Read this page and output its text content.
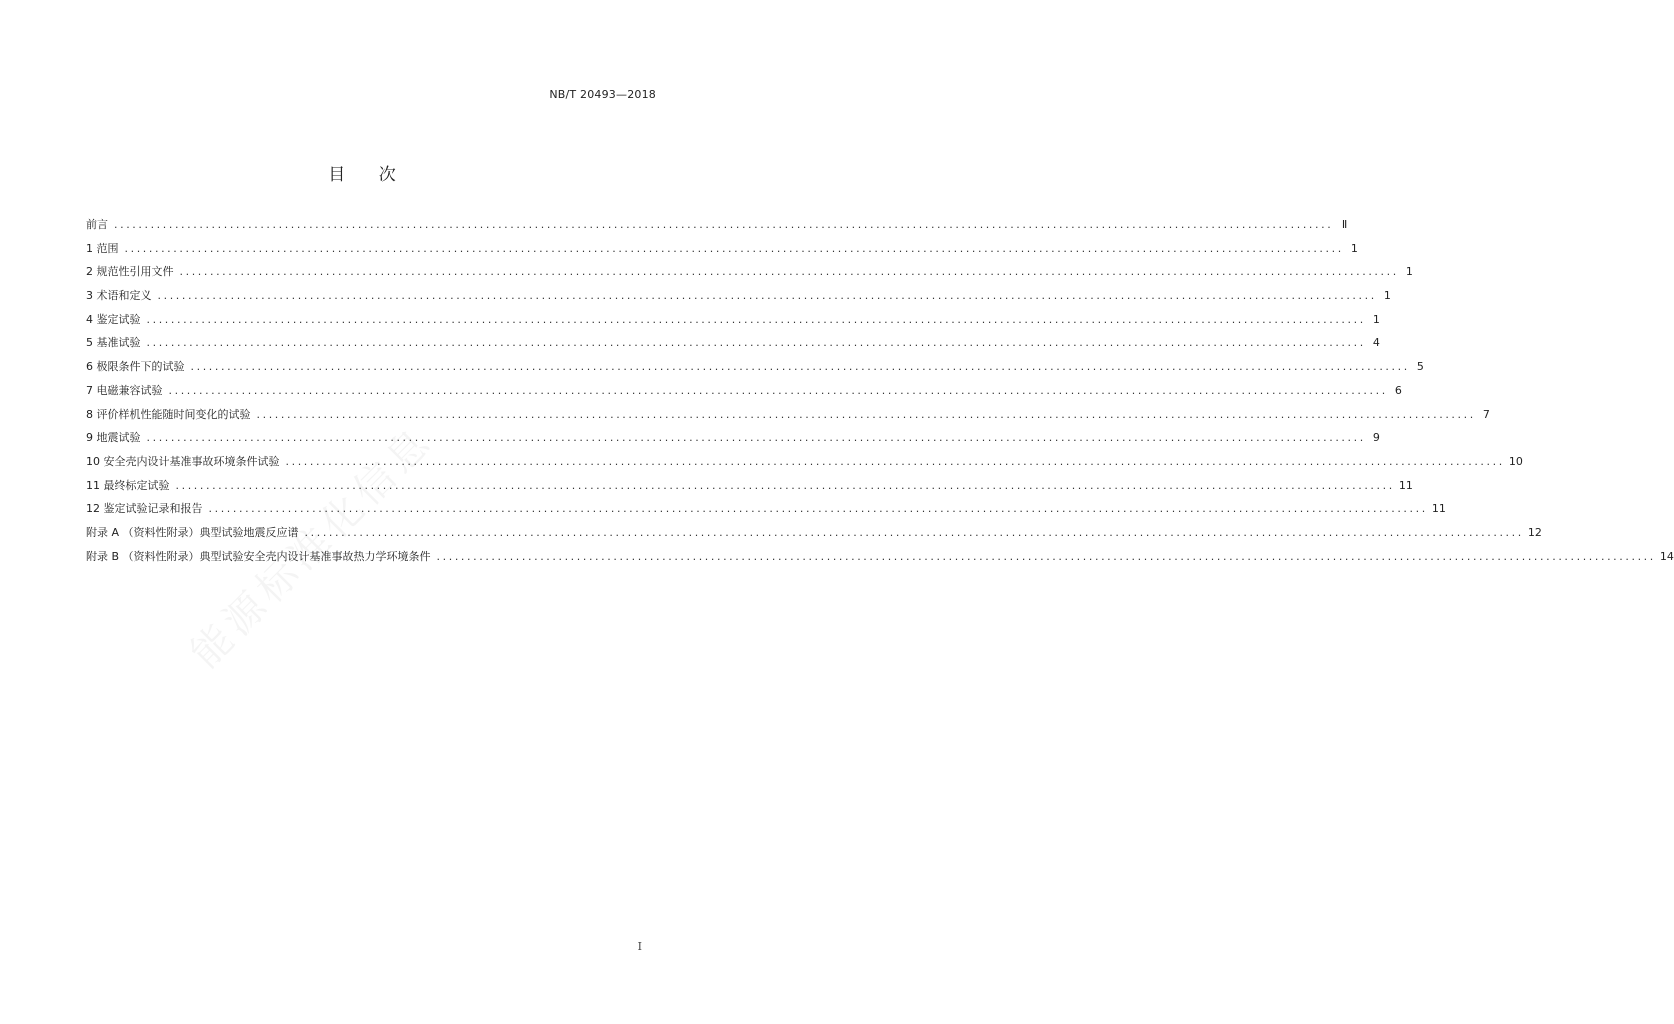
NB/T 20493—2018
目 次
前言 ........................................................................................................................................................................................................ Ⅱ
1 范围 ........................................................................................................................................................................................................ 1
2 规范性引用文件 ........................................................................................................................................................................................................ 1
3 术语和定义 ........................................................................................................................................................................................................ 1
4 鉴定试验 ........................................................................................................................................................................................................ 1
5 基准试验 ........................................................................................................................................................................................................ 4
6 极限条件下的试验 ........................................................................................................................................................................................................ 5
7 电磁兼容试验 ........................................................................................................................................................................................................ 6
8 评价样机性能随时间变化的试验 ........................................................................................................................................................................................................ 7
9 地震试验 ........................................................................................................................................................................................................ 9
10 安全壳内设计基准事故环境条件试验 ........................................................................................................................................................................................................ 10
11 最终标定试验 ........................................................................................................................................................................................................ 11
12 鉴定试验记录和报告 ........................................................................................................................................................................................................ 11
附录 A （资料性附录）典型试验地震反应谱 ........................................................................................................................................................................................................ 12
附录 B （资料性附录）典型试验安全壳内设计基准事故热力学环境条件 ........................................................................................................................................................................................................ 14
I
